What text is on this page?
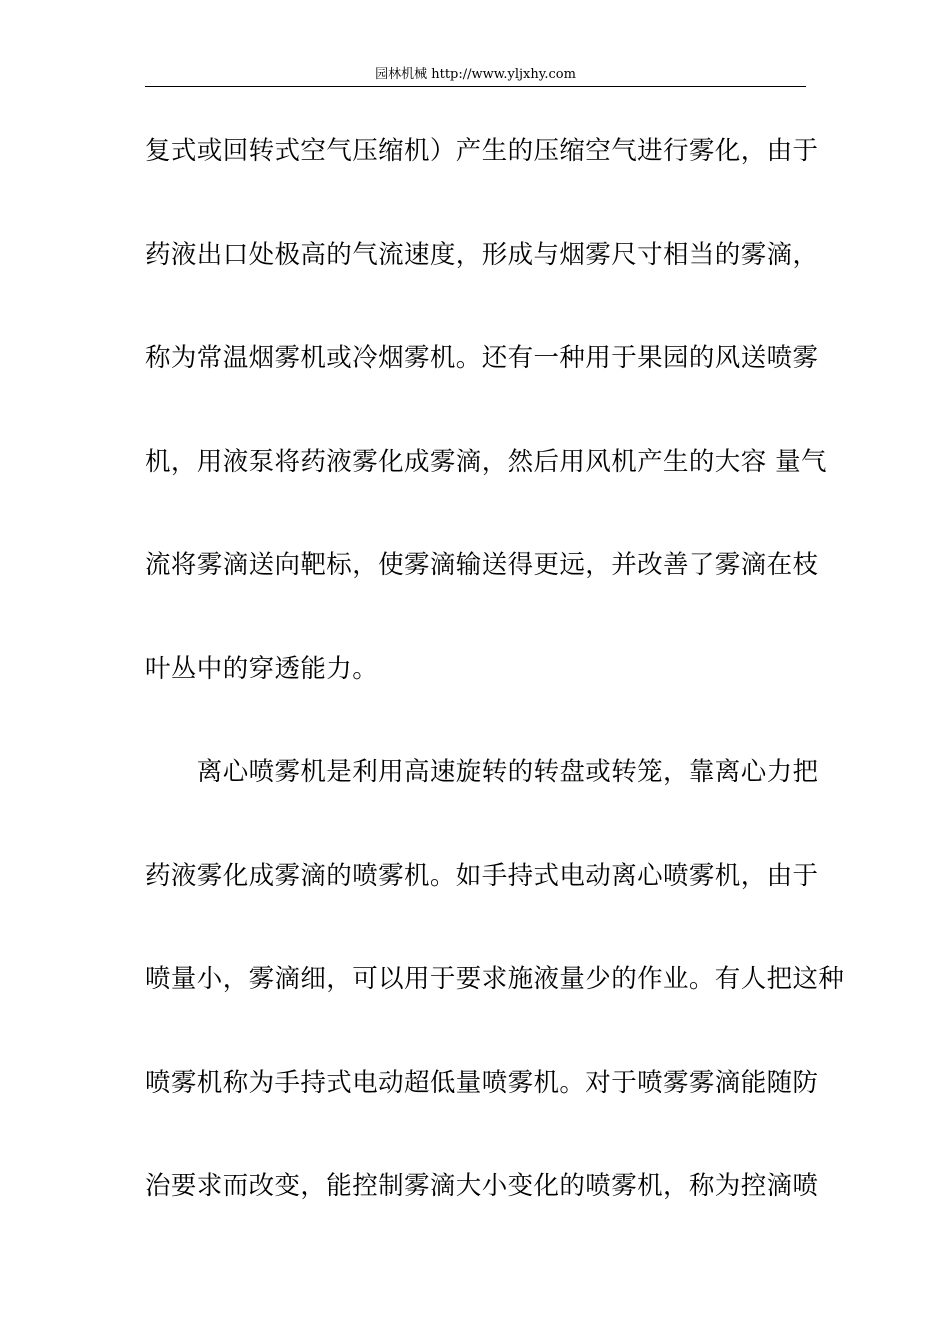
园林机械 http://www.yljxhy.com
复式或回转式空气压缩机）产生的压缩空气进行雾化，由于
药液出口处极高的气流速度，形成与烟雾尺寸相当的雾滴，
称为常温烟雾机或冷烟雾机。还有一种用于果园的风送喷雾
机，用液泵将药液雾化成雾滴，然后用风机产生的大容 量气
流将雾滴送向靶标，使雾滴输送得更远，并改善了雾滴在枝
叶丛中的穿透能力。
　　离心喷雾机是利用高速旋转的转盘或转笼，靠离心力把
药液雾化成雾滴的喷雾机。如手持式电动离心喷雾机，由于
喷量小，雾滴细，可以用于要求施液量少的作业。有人把这种
喷雾机称为手持式电动超低量喷雾机。对于喷雾雾滴能随防
治要求而改变，能控制雾滴大小变化的喷雾机，称为控滴喷
